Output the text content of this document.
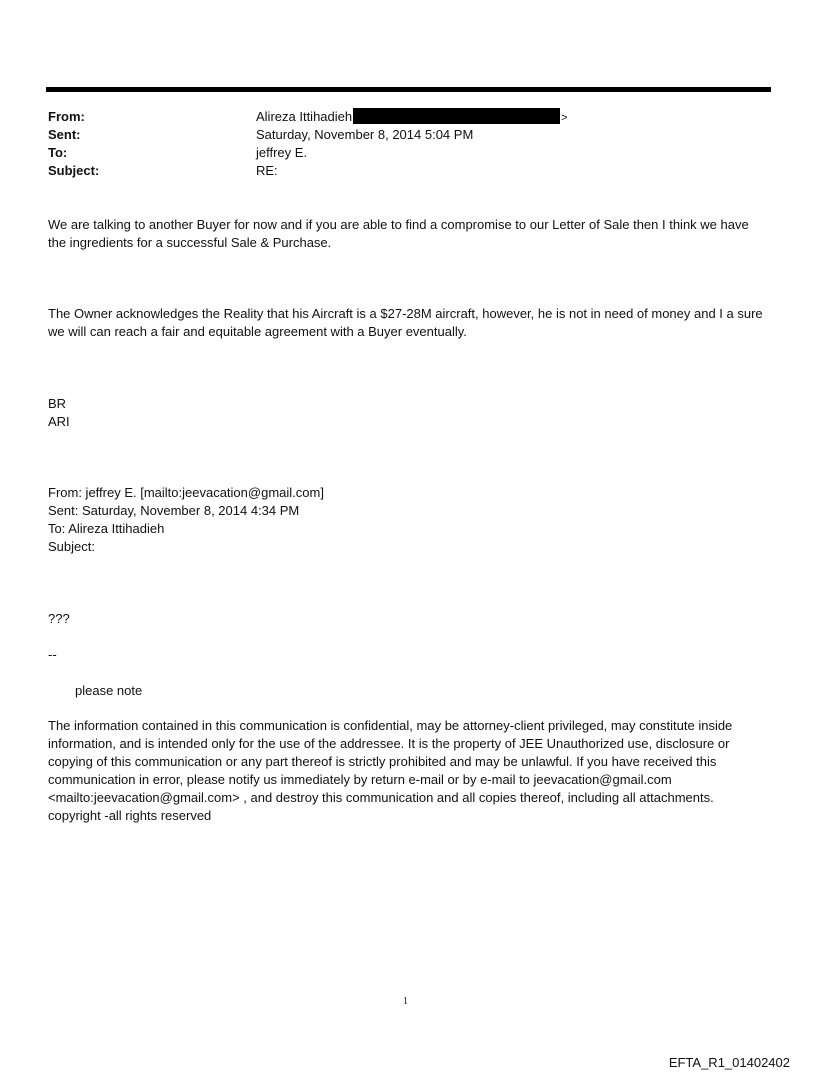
From:	Alireza Ittihadieh	>
Sent:	Saturday, November 8, 2014 5:04 PM
To:	jeffrey E.
Subject:	RE:

We are talking to another Buyer for now and if you are able to find a compromise to our Letter of Sale then I think we have the ingredients for a successful Sale & Purchase.

The Owner acknowledges the Reality that his Aircraft is a $27-28M aircraft, however, he is not in need of money and I a sure we will can reach a fair and equitable agreement with a Buyer eventually.

BR
ARI
From: jeffrey E. [mailto:jeevacation@gmail.com]
Sent: Saturday, November 8, 2014 4:34 PM
To: Alireza Ittihadieh
Subject:
???
--
please note

The information contained in this communication is confidential, may be attorney-client privileged, may constitute inside information, and is intended only for the use of the addressee. It is the property of JEE Unauthorized use, disclosure or copying of this communication or any part thereof is strictly prohibited and may be unlawful. If you have received this communication in error, please notify us immediately by return e-mail or by e-mail to jeevacation@gmail.com <mailto:jeevacation@gmail.com> , and destroy this communication and all copies thereof, including all attachments. copyright -all rights reserved

1
EFTA_R1_01402402
